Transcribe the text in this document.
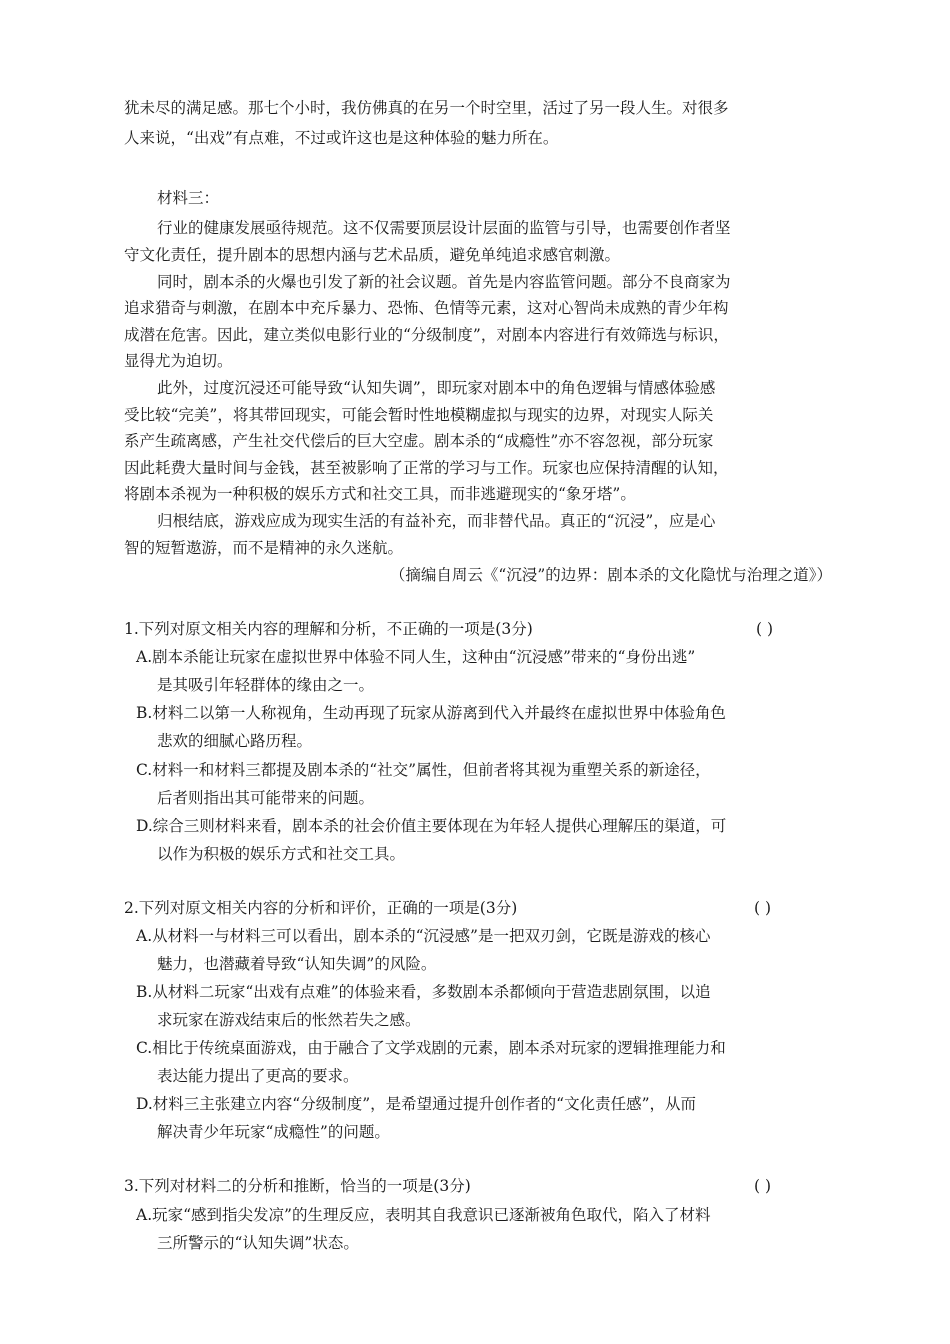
犹未尽的满足感。那七个小时，我仿佛真的在另一个时空里，活过了另一段人生。对很多
人来说，“出戏”有点难，不过或许这也是这种体验的魅力所在。
材料三：
行业的健康发展亟待规范。这不仅需要顶层设计层面的监管与引导，也需要创作者坚
守文化责任，提升剧本的思想内涵与艺术品质，避免单纯追求感官刺激。
同时，剧本杀的火爆也引发了新的社会议题。首先是内容监管问题。部分不良商家为
追求猎奇与刺激，在剧本中充斥暴力、恐怖、色情等元素，这对心智尚未成熟的青少年构
成潜在危害。因此，建立类似电影行业的“分级制度”，对剧本内容进行有效筛选与标识，
显得尤为迫切。
此外，过度沉浸还可能导致“认知失调”，即玩家对剧本中的角色逻辑与情感体验感
受比较“完美”，将其带回现实，可能会暂时性地模糊虚拟与现实的边界，对现实人际关
系产生疏离感，产生社交代偿后的巨大空虚。剧本杀的“成瘾性”亦不容忽视，部分玩家
因此耗费大量时间与金钱，甚至被影响了正常的学习与工作。玩家也应保持清醒的认知，
将剧本杀视为一种积极的娱乐方式和社交工具，而非逃避现实的“象牙塔”。
归根结底，游戏应成为现实生活的有益补充，而非替代品。真正的“沉浸”，应是心
智的短暂遨游，而不是精神的永久迷航。
（摘编自周云《“沉浸”的边界：剧本杀的文化隐忧与治理之道》）
1.下列对原文相关内容的理解和分析，不正确的一项是(3分)	( )
A.剧本杀能让玩家在虚拟世界中体验不同人生，这种由“沉浸感”带来的“身份出逃”
是其吸引年轻群体的缘由之一。
B.材料二以第一人称视角，生动再现了玩家从游离到代入并最终在虚拟世界中体验角色
悲欢的细腻心路历程。
C.材料一和材料三都提及剧本杀的“社交”属性，但前者将其视为重塑关系的新途径，
后者则指出其可能带来的问题。
D.综合三则材料来看，剧本杀的社会价值主要体现在为年轻人提供心理解压的渠道，可
以作为积极的娱乐方式和社交工具。
2.下列对原文相关内容的分析和评价，正确的一项是(3分)	( )
A.从材料一与材料三可以看出，剧本杀的“沉浸感”是一把双刃剑，它既是游戏的核心
魅力，也潜藏着导致“认知失调”的风险。
B.从材料二玩家“出戏有点难”的体验来看，多数剧本杀都倾向于营造悲剧氛围，以追
求玩家在游戏结束后的怅然若失之感。
C.相比于传统桌面游戏，由于融合了文学戏剧的元素，剧本杀对玩家的逻辑推理能力和
表达能力提出了更高的要求。
D.材料三主张建立内容“分级制度”，是希望通过提升创作者的“文化责任感”，从而
解决青少年玩家“成瘾性”的问题。
3.下列对材料二的分析和推断，恰当的一项是(3分)	( )
A.玩家“感到指尖发凉”的生理反应，表明其自我意识已逐渐被角色取代，陷入了材料
三所警示的“认知失调”状态。
